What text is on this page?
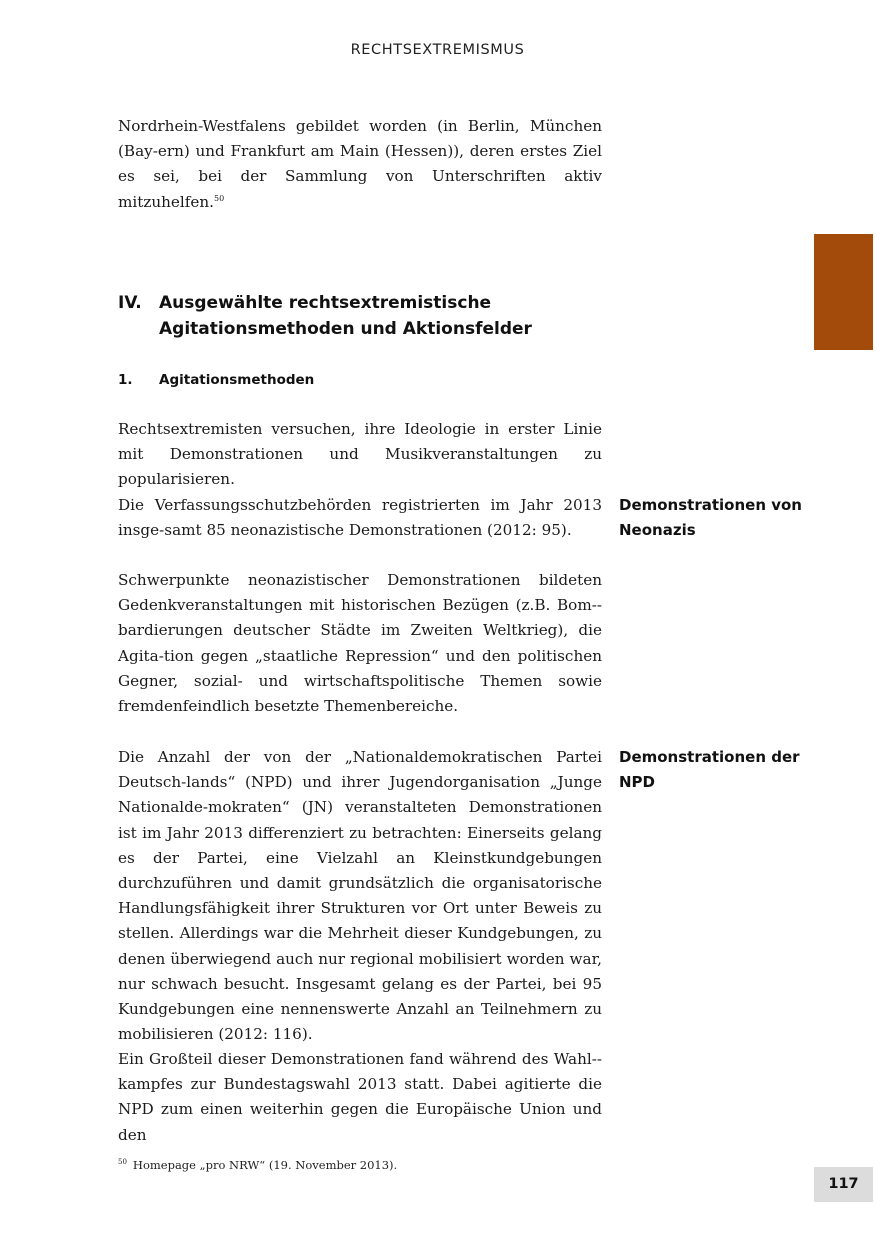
RECHTSEXTREMISMUS

Nordrhein-Westfalens gebildet worden (in Berlin, München (Bay-ern) und Frankfurt am Main (Hessen)), deren erstes Ziel es sei, bei der Sammlung von Unterschriften aktiv mitzuhelfen.$^{50}$

IV. Ausgewählte rechtsextremistische Agitationsmethoden und Aktionsfelder
1. Agitationsmethoden

Rechtsextremisten versuchen, ihre Ideologie in erster Linie mit Demonstrationen und Musikveranstaltungen zu popularisieren.

Die Verfassungsschutzbehörden registrierten im Jahr 2013 insge-samt 85 neonazistische Demonstrationen (2012: 95).

Demonstrationen von Neonazis

Schwerpunkte neonazistischer Demonstrationen bildeten Gedenkveranstaltungen mit historischen Bezügen (z.B. Bom-bardierungen deutscher Städte im Zweiten Weltkrieg), die Agita-tion gegen „staatliche Repression“ und den politischen Gegner, sozial- und wirtschaftspolitische Themen sowie fremdenfeindlich besetzte Themenbereiche.

Die Anzahl der von der „Nationaldemokratischen Partei Deutsch-lands“ (NPD) und ihrer Jugendorganisation „Junge Nationalde-mokraten“ (JN) veranstalteten Demonstrationen ist im Jahr 2013 differenziert zu betrachten: Einerseits gelang es der Partei, eine Vielzahl an Kleinstkundgebungen durchzuführen und damit grundsätzlich die organisatorische Handlungsfähigkeit ihrer Strukturen vor Ort unter Beweis zu stellen. Allerdings war die Mehrheit dieser Kundgebungen, zu denen überwiegend auch nur regional mobilisiert worden war, nur schwach besucht. Insgesamt gelang es der Partei, bei 95 Kundgebungen eine nennenswerte Anzahl an Teilnehmern zu mobilisieren (2012: 116).

Demonstrationen der NPD

Ein Großteil dieser Demonstrationen fand während des Wahl-kampfes zur Bundestagswahl 2013 statt. Dabei agitierte die NPD zum einen weiterhin gegen die Europäische Union und den

$^{50}$ Homepage „pro NRW“ (19. November 2013).
117
